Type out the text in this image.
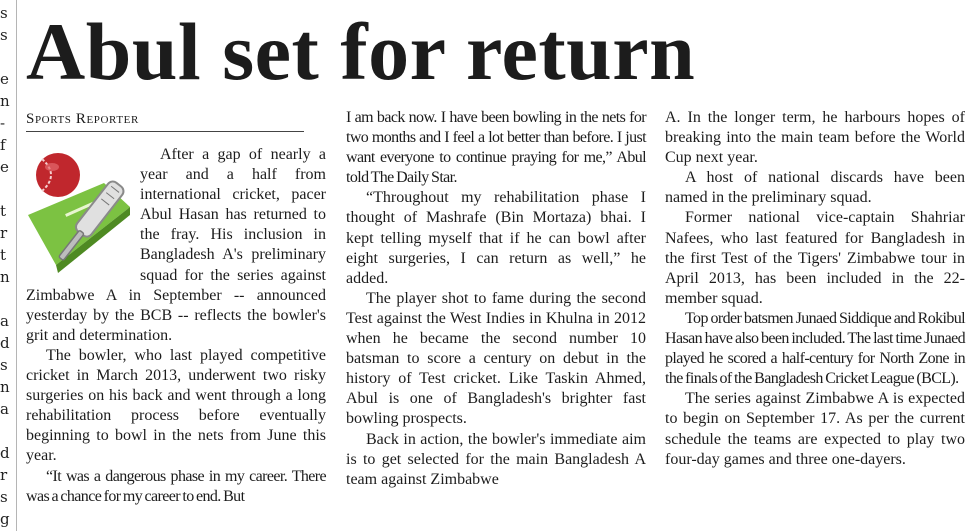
s
s
e
n
-
f
e
t
r
t
n
a
d
s
n
a
d
r
s
g
Abul set for return
Sports Reporter

After a gap of nearly a year and a half from international cricket, pacer Abul Hasan has returned to the fray. His inclusion in Bangladesh A's preliminary squad for the series against Zimbabwe A in September -- announced yesterday by the BCB -- reflects the bowler's grit and determination.

The bowler, who last played competitive cricket in March 2013, underwent two risky surgeries on his back and went through a long rehabilitation process before eventually beginning to bowl in the nets from June this year.

“It was a dangerous phase in my career. There was a chance for my career to end. But

I am back now. I have been bowling in the nets for two months and I feel a lot better than before. I just want everyone to continue praying for me,” Abul told The Daily Star.

“Throughout my rehabilitation phase I thought of Mashrafe (Bin Mortaza) bhai. I kept telling myself that if he can bowl after eight surgeries, I can return as well,” he added.

The player shot to fame during the second Test against the West Indies in Khulna in 2012 when he became the second number 10 batsman to score a century on debut in the history of Test cricket. Like Taskin Ahmed, Abul is one of Bangladesh's brighter fast bowling prospects.

Back in action, the bowler's immediate aim is to get selected for the main Bangladesh A team against Zimbabwe

A. In the longer term, he harbours hopes of breaking into the main team before the World Cup next year.

A host of national discards have been named in the preliminary squad.

Former national vice-captain Shahriar Nafees, who last featured for Bangladesh in the first Test of the Tigers' Zimbabwe tour in April 2013, has been included in the 22-member squad.

Top order batsmen Junaed Siddique and Rokibul Hasan have also been included. The last time Junaed played he scored a half-century for North Zone in the finals of the Bangladesh Cricket League (BCL).

The series against Zimbabwe A is expected to begin on September 17. As per the current schedule the teams are expected to play two four-day games and three one-dayers.
